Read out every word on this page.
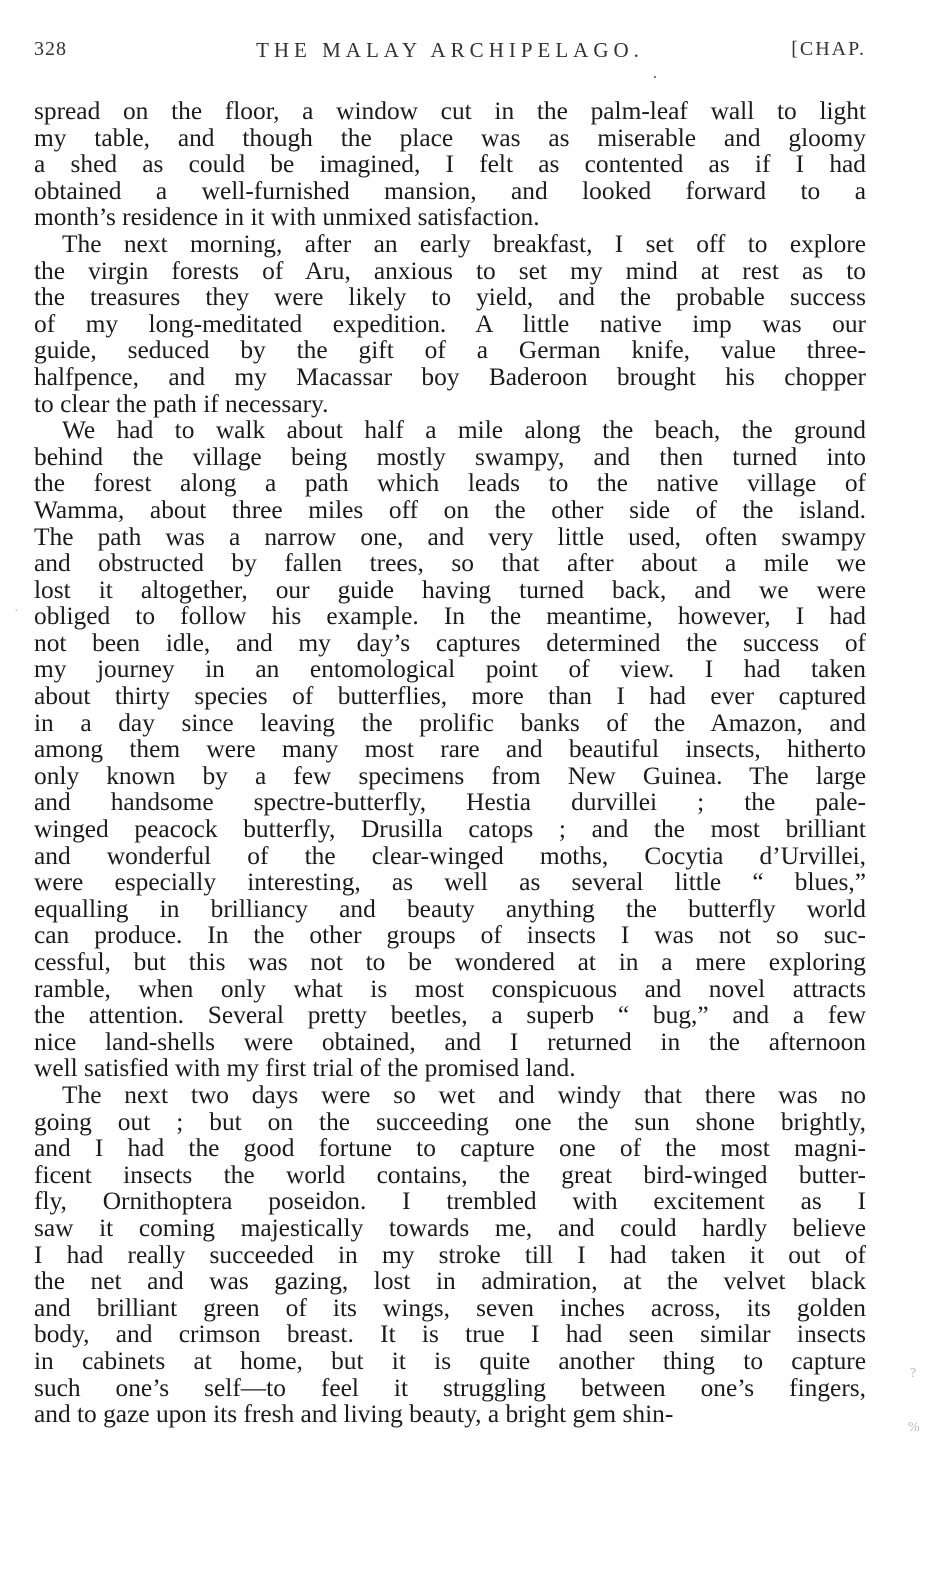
328	THE MALAY ARCHIPELAGO.	[CHAP.
spread on the floor, a window cut in the palm-leaf wall to light
my table, and though the place was as miserable and gloomy
a shed as could be imagined, I felt as contented as if I had
obtained a well-furnished mansion, and looked forward to a
month’s residence in it with unmixed satisfaction.
The next morning, after an early breakfast, I set off to explore
the virgin forests of Aru, anxious to set my mind at rest as to
the treasures they were likely to yield, and the probable success
of my long-meditated expedition. A little native imp was our
guide, seduced by the gift of a German knife, value three-
halfpence, and my Macassar boy Baderoon brought his chopper
to clear the path if necessary.
We had to walk about half a mile along the beach, the ground
behind the village being mostly swampy, and then turned into
the forest along a path which leads to the native village of
Wamma, about three miles off on the other side of the island.
The path was a narrow one, and very little used, often swampy
and obstructed by fallen trees, so that after about a mile we
lost it altogether, our guide having turned back, and we were
obliged to follow his example. In the meantime, however, I had
not been idle, and my day’s captures determined the success of
my journey in an entomological point of view. I had taken
about thirty species of butterflies, more than I had ever captured
in a day since leaving the prolific banks of the Amazon, and
among them were many most rare and beautiful insects, hitherto
only known by a few specimens from New Guinea. The large
and handsome spectre-butterfly, Hestia durvillei ; the pale-
winged peacock butterfly, Drusilla catops ; and the most brilliant
and wonderful of the clear-winged moths, Cocytia d’Urvillei,
were especially interesting, as well as several little “ blues,”
equalling in brilliancy and beauty anything the butterfly world
can produce. In the other groups of insects I was not so suc-
cessful, but this was not to be wondered at in a mere exploring
ramble, when only what is most conspicuous and novel attracts
the attention. Several pretty beetles, a superb “ bug,” and a few
nice land-shells were obtained, and I returned in the afternoon
well satisfied with my first trial of the promised land.
The next two days were so wet and windy that there was no
going out ; but on the succeeding one the sun shone brightly,
and I had the good fortune to capture one of the most magni-
ficent insects the world contains, the great bird-winged butter-
fly, Ornithoptera poseidon. I trembled with excitement as I
saw it coming majestically towards me, and could hardly believe
I had really succeeded in my stroke till I had taken it out of
the net and was gazing, lost in admiration, at the velvet black
and brilliant green of its wings, seven inches across, its golden
body, and crimson breast. It is true I had seen similar insects
in cabinets at home, but it is quite another thing to capture
such one’s self—to feel it struggling between one’s fingers,
and to gaze upon its fresh and living beauty, a bright gem shin-
·
?
%
